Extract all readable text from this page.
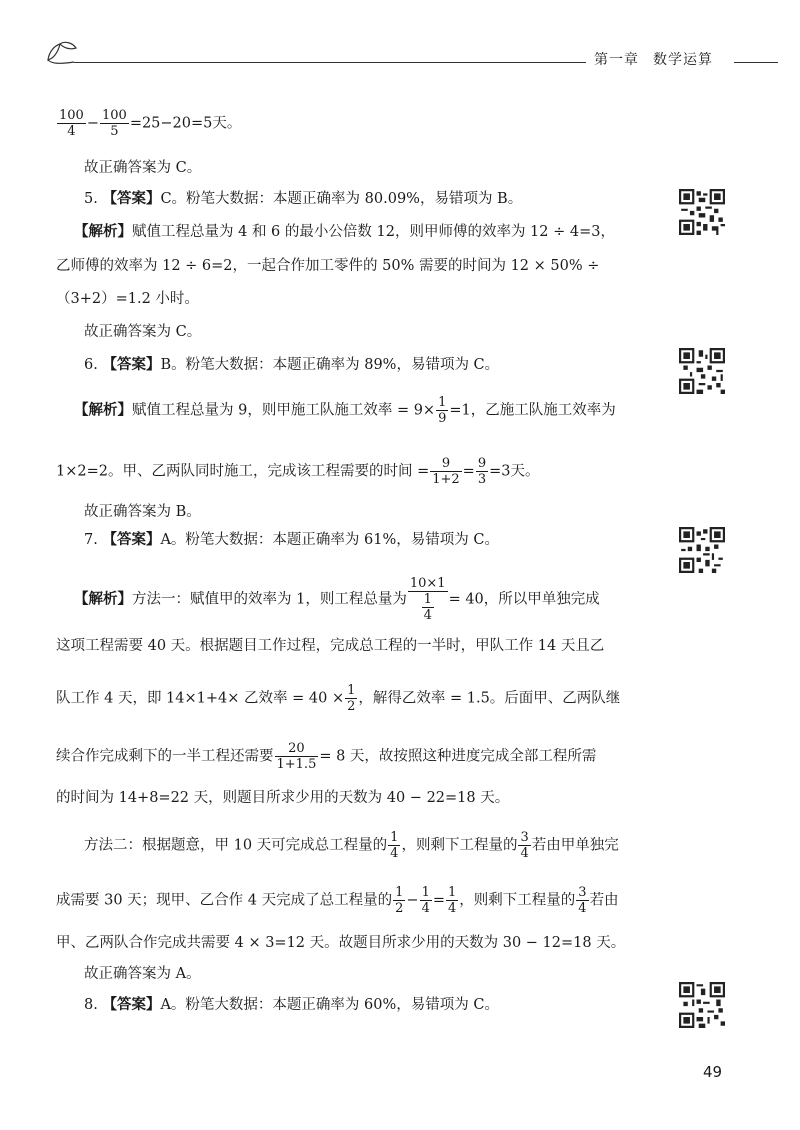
第一章 数学运算
$\frac{100}{4} - \frac{100}{5} =25-20=5$天。
故正确答案为 C。
5. 【答案】C。粉笔大数据：本题正确率为 80.09%，易错项为 B。
【解析】赋值工程总量为 4 和 6 的最小公倍数 12，则甲师傅的效率为 12 ÷ 4=3，
乙师傅的效率为 12 ÷ 6=2，一起合作加工零件的 50% 需要的时间为 12 × 50% ÷
（3+2）=1.2 小时。
故正确答案为 C。
6. 【答案】B。粉笔大数据：本题正确率为 89%，易错项为 C。
【解析】赋值工程总量为 9，则甲施工队施工效率 = $9\times \frac{1}{9} =1$，乙施工队施工效率为
1×2=2。甲、乙两队同时施工，完成该工程需要的时间 = $\frac{9}{1+2} = \frac{9}{3} =3$天。
故正确答案为 B。
7. 【答案】A。粉笔大数据：本题正确率为 61%，易错项为 C。
【解析】方法一：赋值甲的效率为 1，则工程总量为 $\frac{10\times 1}{\frac{1}{4}} = 40$，所以甲单独完成
这项工程需要 40 天。根据题目工作过程，完成总工程的一半时，甲队工作 14 天且乙
队工作 4 天，即 14×1+4× 乙效率 = $40 \times \frac{1}{2}$ ，解得乙效率 = 1.5。后面甲、乙两队继
续合作完成剩下的一半工程还需要 $\frac{20}{1+1.5} = 8$ 天，故按照这种进度完成全部工程所需
的时间为 14+8=22 天，则题目所求少用的天数为 40 − 22=18 天。
方法二：根据题意，甲 10 天可完成总工程量的 $\frac{1}{4}$ ，则剩下工程量的 $\frac{3}{4}$ 若由甲单独完
成需要 30 天；现甲、乙合作 4 天完成了总工程量的 $\frac{1}{2} - \frac{1}{4} = \frac{1}{4}$ ，则剩下工程量的 $\frac{3}{4}$ 若由
甲、乙两队合作完成共需要 4 × 3=12 天。故题目所求少用的天数为 30 − 12=18 天。
故正确答案为 A。
8. 【答案】A。粉笔大数据：本题正确率为 60%，易错项为 C。
49
